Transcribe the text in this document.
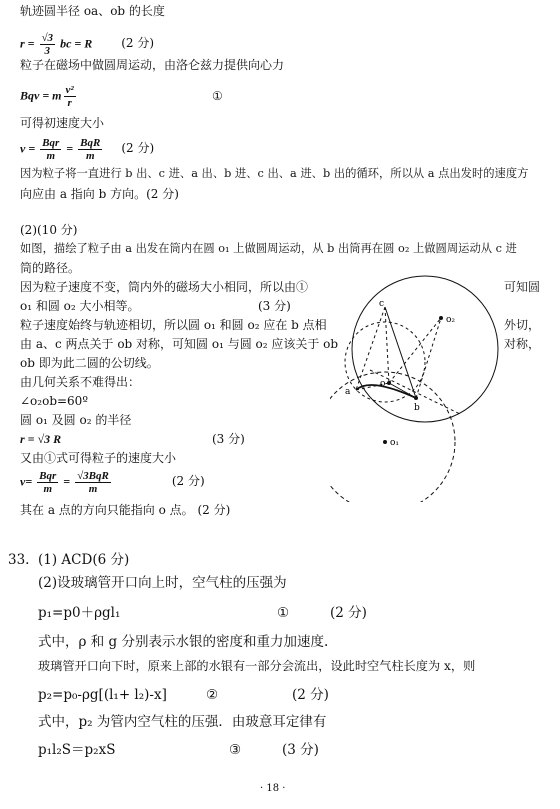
轨迹圆半径 oa、ob 的长度
$r = \frac{√3}{3}$ bc = R (2 分)
粒子在磁场中做圆周运动，由洛仑兹力提供向心力
Bqv = m $\frac{\text{v²}}{r}$	①
可得初速度大小
$v = \frac{\text{Bqr}}{m} = \frac{\text{BqR}}{m} (2$ 分)
因为粒子将一直进行 b 出、c 进、a 出、b 进、c 出、a 进、b 出的循环，所以从 a 点出发时的速度方
向应由 a 指向 b 方向。(2 分)
(2)(10 分)
如图，描绘了粒子由 a 出发在筒内在圆 o₁ 上做圆周运动，从 b 出筒再在圆 o₂ 上做圆周运动从 c 进
筒的路径。
因为粒子速度不变，筒内外的磁场大小相同，所以由①	可知圆
o₁ 和圆 o₂ 大小相等。	(3 分)
粒子速度始终与轨迹相切，所以圆 o₁ 和圆 o₂ 应在 b 点相	外切，
由 a、c 两点关于 ob 对称，可知圆 o₁ 与圆 o₂ 应该关于 ob	对称，
ob 即为此二圆的公切线。
由几何关系不难得出：
∠o₂ob=60º
圆 o₁ 及圆 o₂ 的半径
r = √3 R	(3 分)
又由①式可得粒子的速度大小
$v= \frac{\text{Bqr}}{m} = \frac{\text{√3BqR}}{m}$	(2 分)
其在 a 点的方向只能指向 o 点。 (2 分)
c
o
o₂
a
b
o₁
33. (1) ACD(6 分)
(2)设玻璃管开口向上时，空气柱的压强为
p₁=p0＋ρgl₁	①	(2 分)
式中，ρ 和 g 分别表示水银的密度和重力加速度.
玻璃管开口向下时，原来上部的水银有一部分会流出，设此时空气柱长度为 x，则
p₂=p₀-ρg[(l₁+ l₂)-x]	②	(2 分)
式中，p₂ 为管内空气柱的压强．由玻意耳定律有
p₁l₂S＝p₂xS	③	(3 分)
· 18 ·
